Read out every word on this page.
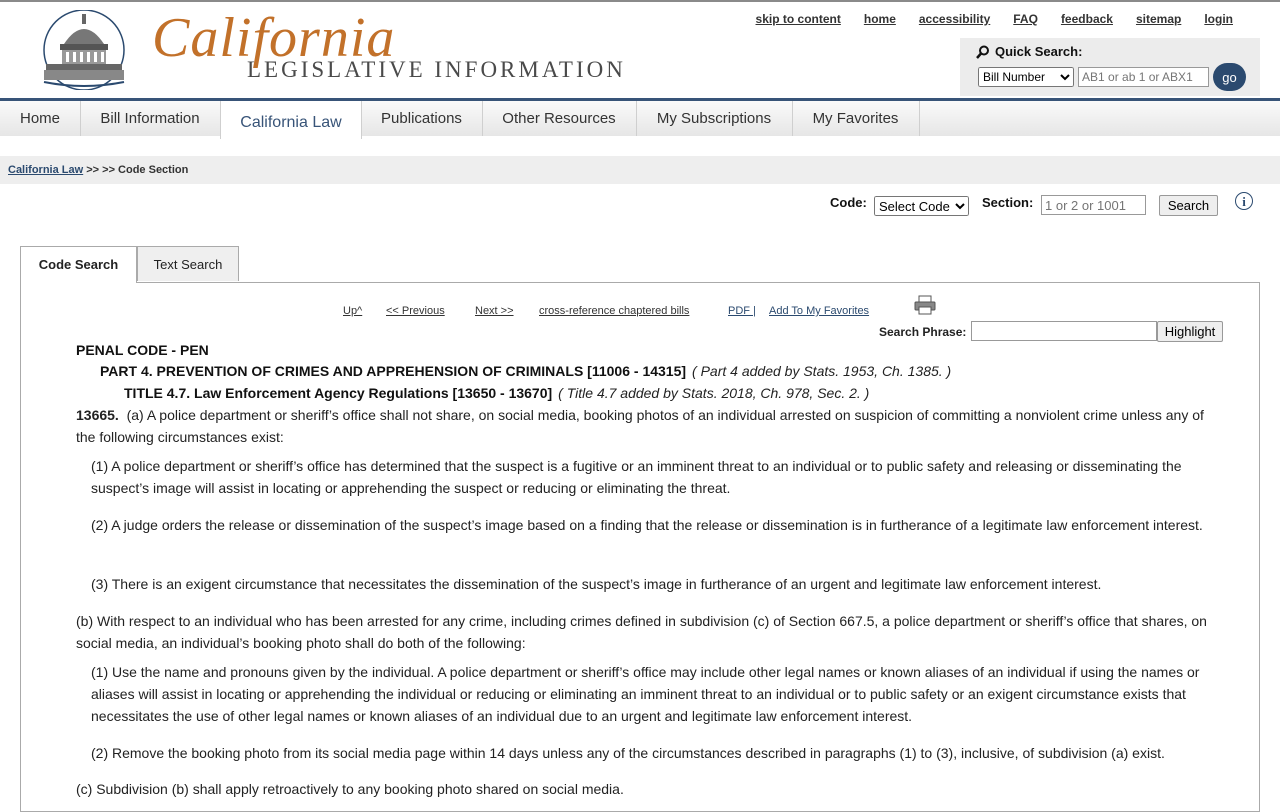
California
LEGISLATIVE INFORMATION
skip to content home accessibility FAQ feedback sitemap login
Quick Search:
Bill Number
AB1 or ab 1 or ABX1
go
Home	Bill Information	California Law	Publications	Other Resources	My Subscriptions	My Favorites
California Law >> >> Code Section
Code:
Select Code	Section:
1 or 2 or 1001	Search	i
Code Search	Text Search
Up^ << Previous	Next >> cross-reference chaptered bills	PDF | Add To My Favorites
Search Phrase:	Highlight
PENAL CODE - PEN
PART 4. PREVENTION OF CRIMES AND APPREHENSION OF CRIMINALS [11006 - 14315] ( Part 4 added by Stats. 1953, Ch. 1385. )
TITLE 4.7. Law Enforcement Agency Regulations [13650 - 13670] ( Title 4.7 added by Stats. 2018, Ch. 978, Sec. 2. )
13665. (a) A police department or sheriff’s office shall not share, on social media, booking photos of an individual arrested on suspicion of committing a nonviolent crime unless any of the following circumstances exist:
(1) A police department or sheriff’s office has determined that the suspect is a fugitive or an imminent threat to an individual or to public safety and releasing or disseminating the suspect’s image will assist in locating or apprehending the suspect or reducing or eliminating the threat.
(2) A judge orders the release or dissemination of the suspect’s image based on a finding that the release or dissemination is in furtherance of a legitimate law enforcement interest.
(3) There is an exigent circumstance that necessitates the dissemination of the suspect’s image in furtherance of an urgent and legitimate law enforcement interest.
(b) With respect to an individual who has been arrested for any crime, including crimes defined in subdivision (c) of Section 667.5, a police department or sheriff’s office that shares, on social media, an individual’s booking photo shall do both of the following:
(1) Use the name and pronouns given by the individual. A police department or sheriff’s office may include other legal names or known aliases of an individual if using the names or aliases will assist in locating or apprehending the individual or reducing or eliminating an imminent threat to an individual or to public safety or an exigent circumstance exists that necessitates the use of other legal names or known aliases of an individual due to an urgent and legitimate law enforcement interest.
(2) Remove the booking photo from its social media page within 14 days unless any of the circumstances described in paragraphs (1) to (3), inclusive, of subdivision (a) exist.
(c) Subdivision (b) shall apply retroactively to any booking photo shared on social media.
